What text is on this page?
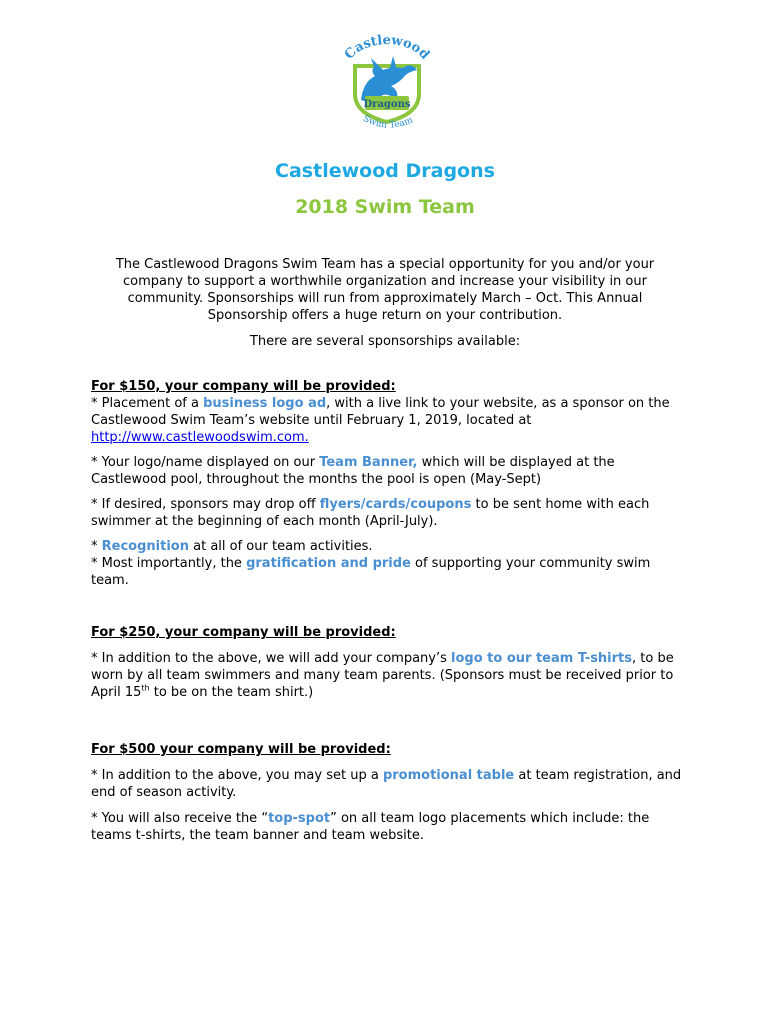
Castlewood
Dragons
Swim Team
Castlewood Dragons
2018 Swim Team

The Castlewood Dragons Swim Team has a special opportunity for you and/or your company to support a worthwhile organization and increase your visibility in our community. Sponsorships will run from approximately March – Oct. This Annual Sponsorship offers a huge return on your contribution.

There are several sponsorships available:

For $150, your company will be provided:

* Placement of a business logo ad, with a live link to your website, as a sponsor on the Castlewood Swim Team’s website until February 1, 2019, located at
http://www.castlewoodswim.com.

* Your logo/name displayed on our Team Banner, which will be displayed at the Castlewood pool, throughout the months the pool is open (May-Sept)

* If desired, sponsors may drop off flyers/cards/coupons to be sent home with each swimmer at the beginning of each month (April-July).

* Recognition at all of our team activities.

* Most importantly, the gratification and pride of supporting your community swim team.

For $250, your company will be provided:

* In addition to the above, we will add your company’s logo to our team T-shirts, to be worn by all team swimmers and many team parents. (Sponsors must be received prior to April 15th to be on the team shirt.)

For $500 your company will be provided:

* In addition to the above, you may set up a promotional table at team registration, and end of season activity.

* You will also receive the “top-spot” on all team logo placements which include: the teams t-shirts, the team banner and team website.
